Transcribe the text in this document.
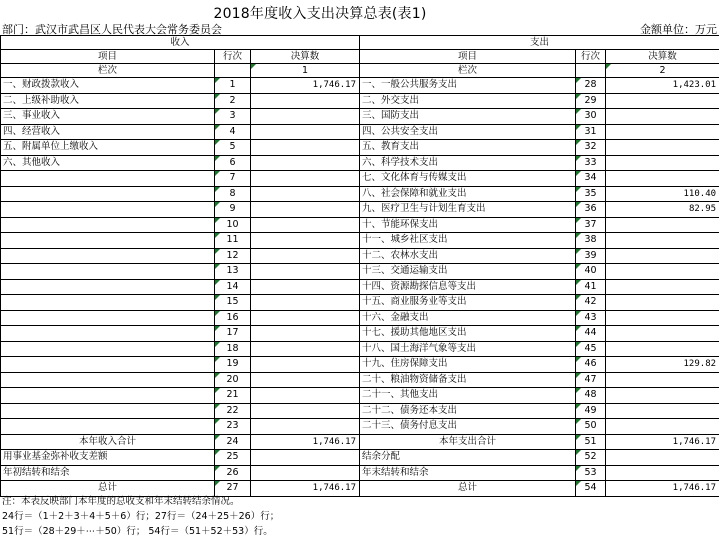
2018年度收入支出决算总表(表1)
部门：武汉市武昌区人民代表大会常务委员会	金额单位：万元
收入			支出		
项目	行次	决算数	项目	行次	决算数
栏次		1	栏次		2
一、财政拨款收入	1	1,746.17	一、一般公共服务支出	28	1,423.01
二、上级补助收入	2		二、外交支出	29	
三、事业收入	3		三、国防支出	30	
四、经营收入	4		四、公共安全支出	31	
五、附属单位上缴收入	5		五、教育支出	32	
六、其他收入	6		六、科学技术支出	33	
	7		七、文化体育与传媒支出	34	
	8		八、社会保障和就业支出	35	110.40
	9		九、医疗卫生与计划生育支出	36	82.95
	10		十、节能环保支出	37	
	11		十一、城乡社区支出	38	
	12		十二、农林水支出	39	
	13		十三、交通运输支出	40	
	14		十四、资源勘探信息等支出	41	
	15		十五、商业服务业等支出	42	
	16		十六、金融支出	43	
	17		十七、援助其他地区支出	44	
	18		十八、国土海洋气象等支出	45	
	19		十九、住房保障支出	46	129.82
	20		二十、粮油物资储备支出	47	
	21		二十一、其他支出	48	
	22		二十二、债务还本支出	49	
	23		二十三、债务付息支出	50	
本年收入合计	24	1,746.17	本年支出合计	51	1,746.17
用事业基金弥补收支差额	25		结余分配	52	
年初结转和结余	26		年末结转和结余	53	
总计	27	1,746.17	总计	54	1,746.17
注：本表反映部门本年度的总收支和年末结转结余情况。
24行＝（1＋2＋3＋4＋5＋6）行；27行＝（24＋25＋26）行；
51行＝（28＋29＋⋯＋50）行； 54行＝（51＋52＋53）行。
